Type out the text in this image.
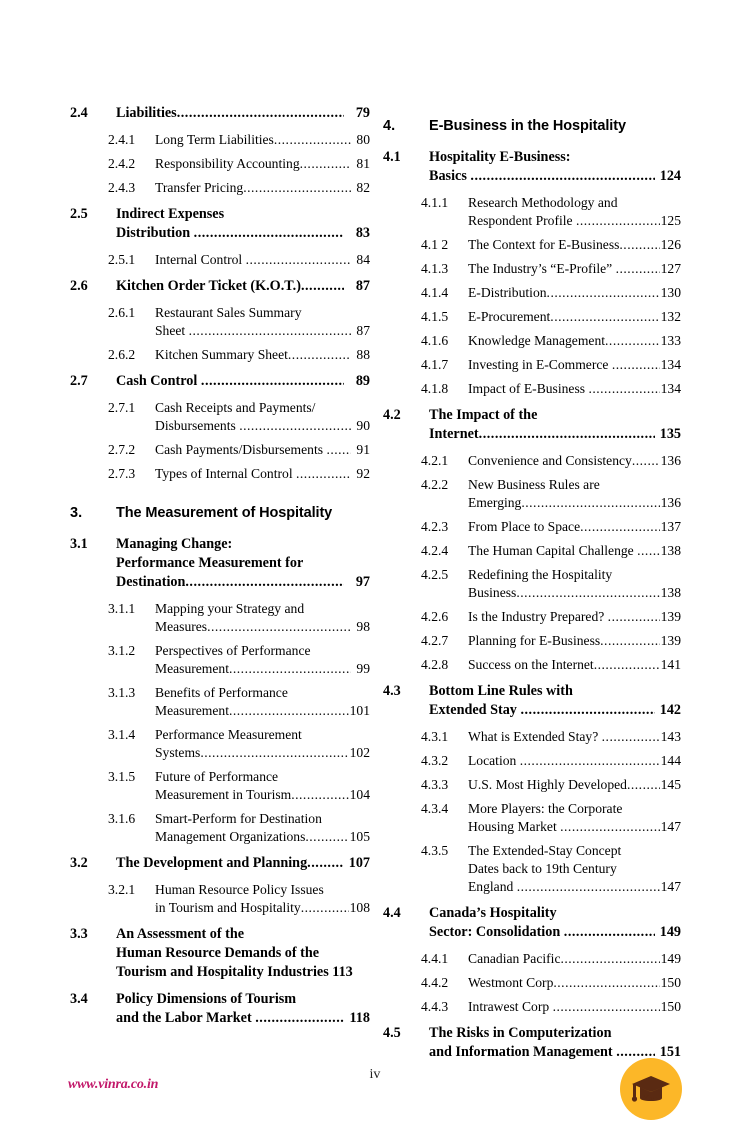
2.4	Liabilities .....	79
2.4.1	Long Term Liabilities .....	80
2.4.2	Responsibility Accounting .....	81
2.4.3	Transfer Pricing .....	82
2.5	Indirect Expenses
Distribution .....	83
2.5.1	Internal Control .....	84
2.6	Kitchen Order Ticket (K.O.T.) .....	87
2.6.1	Restaurant Sales Summary
Sheet .....	87
2.6.2	Kitchen Summary Sheet .....	88
2.7	Cash Control .....	89
2.7.1	Cash Receipts and Payments/
Disbursements .....	90
2.7.2	Cash Payments/Disbursements .....	91
2.7.3	Types of Internal Control .....	92
3.	The Measurement of Hospitality
3.1	Managing Change:
Performance Measurement for
Destination .....	97
3.1.1	Mapping your Strategy and
Measures .....	98
3.1.2	Perspectives of Performance
Measurement .....	99
3.1.3	Benefits of Performance
Measurement .....	101
3.1.4	Performance Measurement
Systems .....	102
3.1.5	Future of Performance
Measurement in Tourism .....	104
3.1.6	Smart-Perform for Destination
Management Organizations .....	105
3.2	The Development and Planning .....	107
3.2.1	Human Resource Policy Issues
in Tourism and Hospitality .....	108
3.3	An Assessment of the
Human Resource Demands of the
Tourism and Hospitality Industries 113
3.4	Policy Dimensions of Tourism
and the Labor Market .....	118
4.	E-Business in the Hospitality
4.1	Hospitality E-Business:
Basics .....	124
4.1.1	Research Methodology and
Respondent Profile .....	125
4.1 2	The Context for E-Business .....	126
4.1.3	The Industry’s “E-Profile” .....	127
4.1.4	E-Distribution .....	130
4.1.5	E-Procurement .....	132
4.1.6	Knowledge Management .....	133
4.1.7	Investing in E-Commerce .....	134
4.1.8	Impact of E-Business .....	134
4.2	The Impact of the
Internet .....	135
4.2.1	Convenience and Consistency ..... 136
4.2.2	New Business Rules are
Emerging .....	136
4.2.3	From Place to Space .....	137
4.2.4	The Human Capital Challenge ..... 138
4.2.5	Redefining the Hospitality
Business .....	138
4.2.6	Is the Industry Prepared? .....	139
4.2.7	Planning for E-Business .....	139
4.2.8	Success on the Internet .....	141
4.3	Bottom Line Rules with
Extended Stay .....	142
4.3.1	What is Extended Stay? .....	143
4.3.2	Location .....	144
4.3.3	U.S. Most Highly Developed ..... 145
4.3.4	More Players: the Corporate
Housing Market .....	147
4.3.5	The Extended-Stay Concept
Dates back to 19th Century
England .....	147
4.4	Canada’s Hospitality
Sector: Consolidation .....	149
4.4.1	Canadian Pacific .....	149
4.4.2	Westmont Corp .....	150
4.4.3	Intrawest Corp .....	150
4.5	The Risks in Computerization
and Information Management .....	151
www.vinra.co.in
iv
Vinra
